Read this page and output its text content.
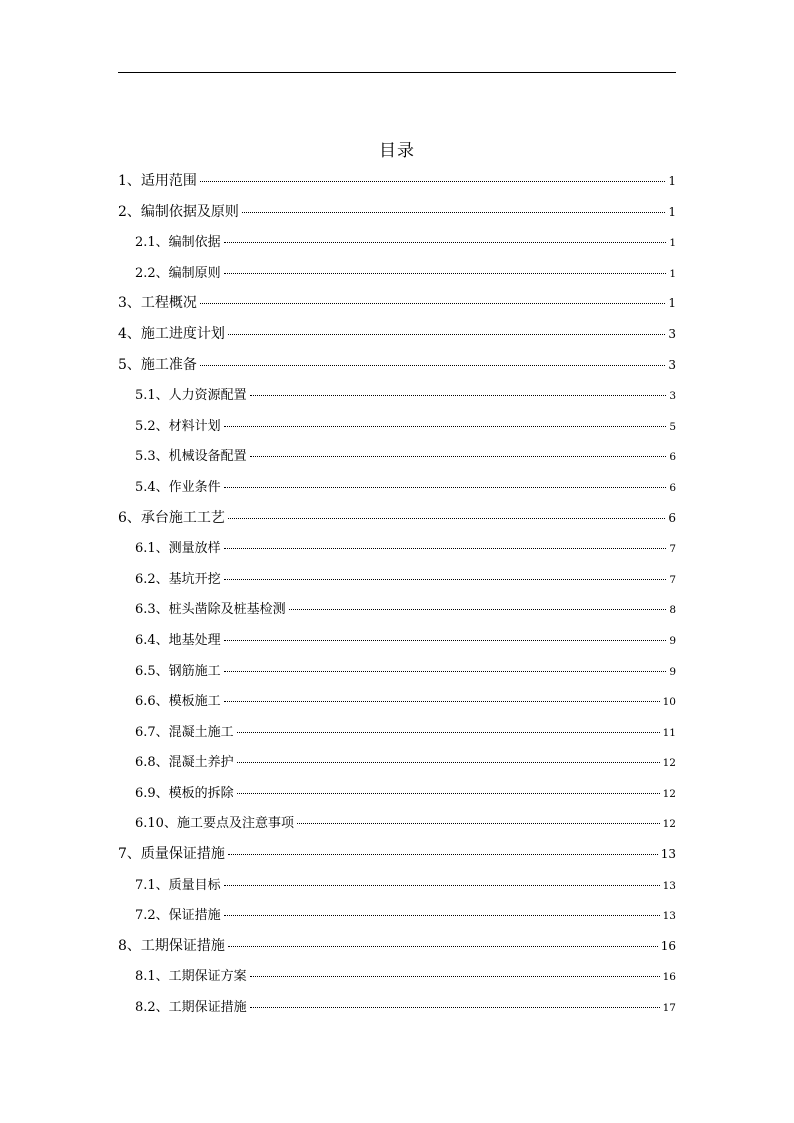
目录
1、适用范围	1
2、编制依据及原则	1
2.1、编制依据	1
2.2、编制原则	1
3、工程概况	1
4、施工进度计划	3
5、施工准备	3
5.1、人力资源配置	3
5.2、材料计划	5
5.3、机械设备配置	6
5.4、作业条件	6
6、承台施工工艺	6
6.1、测量放样	7
6.2、基坑开挖	7
6.3、桩头凿除及桩基检测	8
6.4、地基处理	9
6.5、钢筋施工	9
6.6、模板施工	10
6.7、混凝土施工	11
6.8、混凝土养护	12
6.9、模板的拆除	12
6.10、施工要点及注意事项	12
7、质量保证措施	13
7.1、质量目标	13
7.2、保证措施	13
8、工期保证措施	16
8.1、工期保证方案	16
8.2、工期保证措施	17
